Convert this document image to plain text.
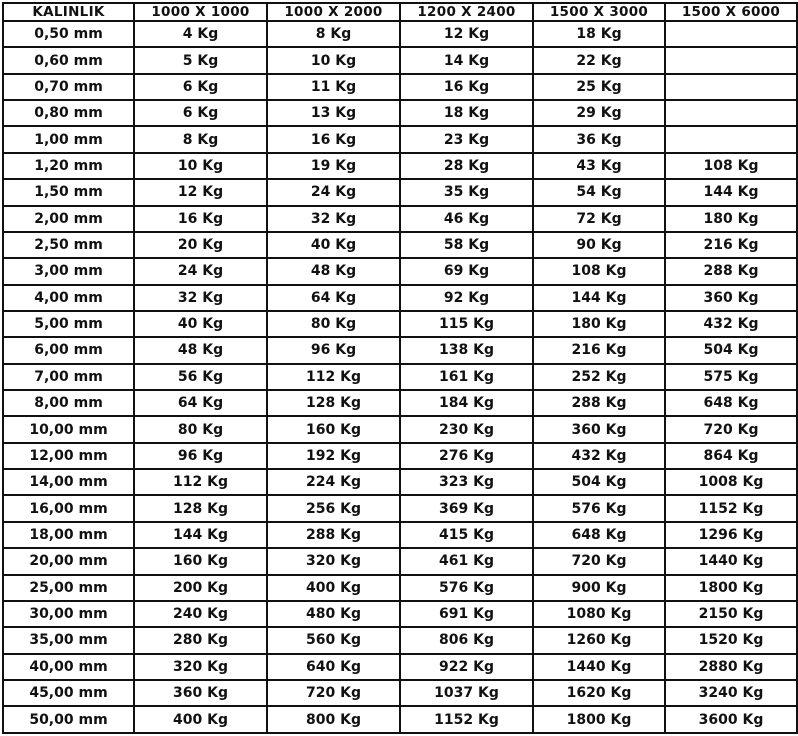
KALINLIK	1000 X 1000	1000 X 2000	1200 X 2400	1500 X 3000	1500 X 6000
0,50 mm	4 Kg	8 Kg	12 Kg	18 Kg	
0,60 mm	5 Kg	10 Kg	14 Kg	22 Kg	
0,70 mm	6 Kg	11 Kg	16 Kg	25 Kg	
0,80 mm	6 Kg	13 Kg	18 Kg	29 Kg	
1,00 mm	8 Kg	16 Kg	23 Kg	36 Kg	
1,20 mm	10 Kg	19 Kg	28 Kg	43 Kg	108 Kg
1,50 mm	12 Kg	24 Kg	35 Kg	54 Kg	144 Kg
2,00 mm	16 Kg	32 Kg	46 Kg	72 Kg	180 Kg
2,50 mm	20 Kg	40 Kg	58 Kg	90 Kg	216 Kg
3,00 mm	24 Kg	48 Kg	69 Kg	108 Kg	288 Kg
4,00 mm	32 Kg	64 Kg	92 Kg	144 Kg	360 Kg
5,00 mm	40 Kg	80 Kg	115 Kg	180 Kg	432 Kg
6,00 mm	48 Kg	96 Kg	138 Kg	216 Kg	504 Kg
7,00 mm	56 Kg	112 Kg	161 Kg	252 Kg	575 Kg
8,00 mm	64 Kg	128 Kg	184 Kg	288 Kg	648 Kg
10,00 mm	80 Kg	160 Kg	230 Kg	360 Kg	720 Kg
12,00 mm	96 Kg	192 Kg	276 Kg	432 Kg	864 Kg
14,00 mm	112 Kg	224 Kg	323 Kg	504 Kg	1008 Kg
16,00 mm	128 Kg	256 Kg	369 Kg	576 Kg	1152 Kg
18,00 mm	144 Kg	288 Kg	415 Kg	648 Kg	1296 Kg
20,00 mm	160 Kg	320 Kg	461 Kg	720 Kg	1440 Kg
25,00 mm	200 Kg	400 Kg	576 Kg	900 Kg	1800 Kg
30,00 mm	240 Kg	480 Kg	691 Kg	1080 Kg	2150 Kg
35,00 mm	280 Kg	560 Kg	806 Kg	1260 Kg	1520 Kg
40,00 mm	320 Kg	640 Kg	922 Kg	1440 Kg	2880 Kg
45,00 mm	360 Kg	720 Kg	1037 Kg	1620 Kg	3240 Kg
50,00 mm	400 Kg	800 Kg	1152 Kg	1800 Kg	3600 Kg
